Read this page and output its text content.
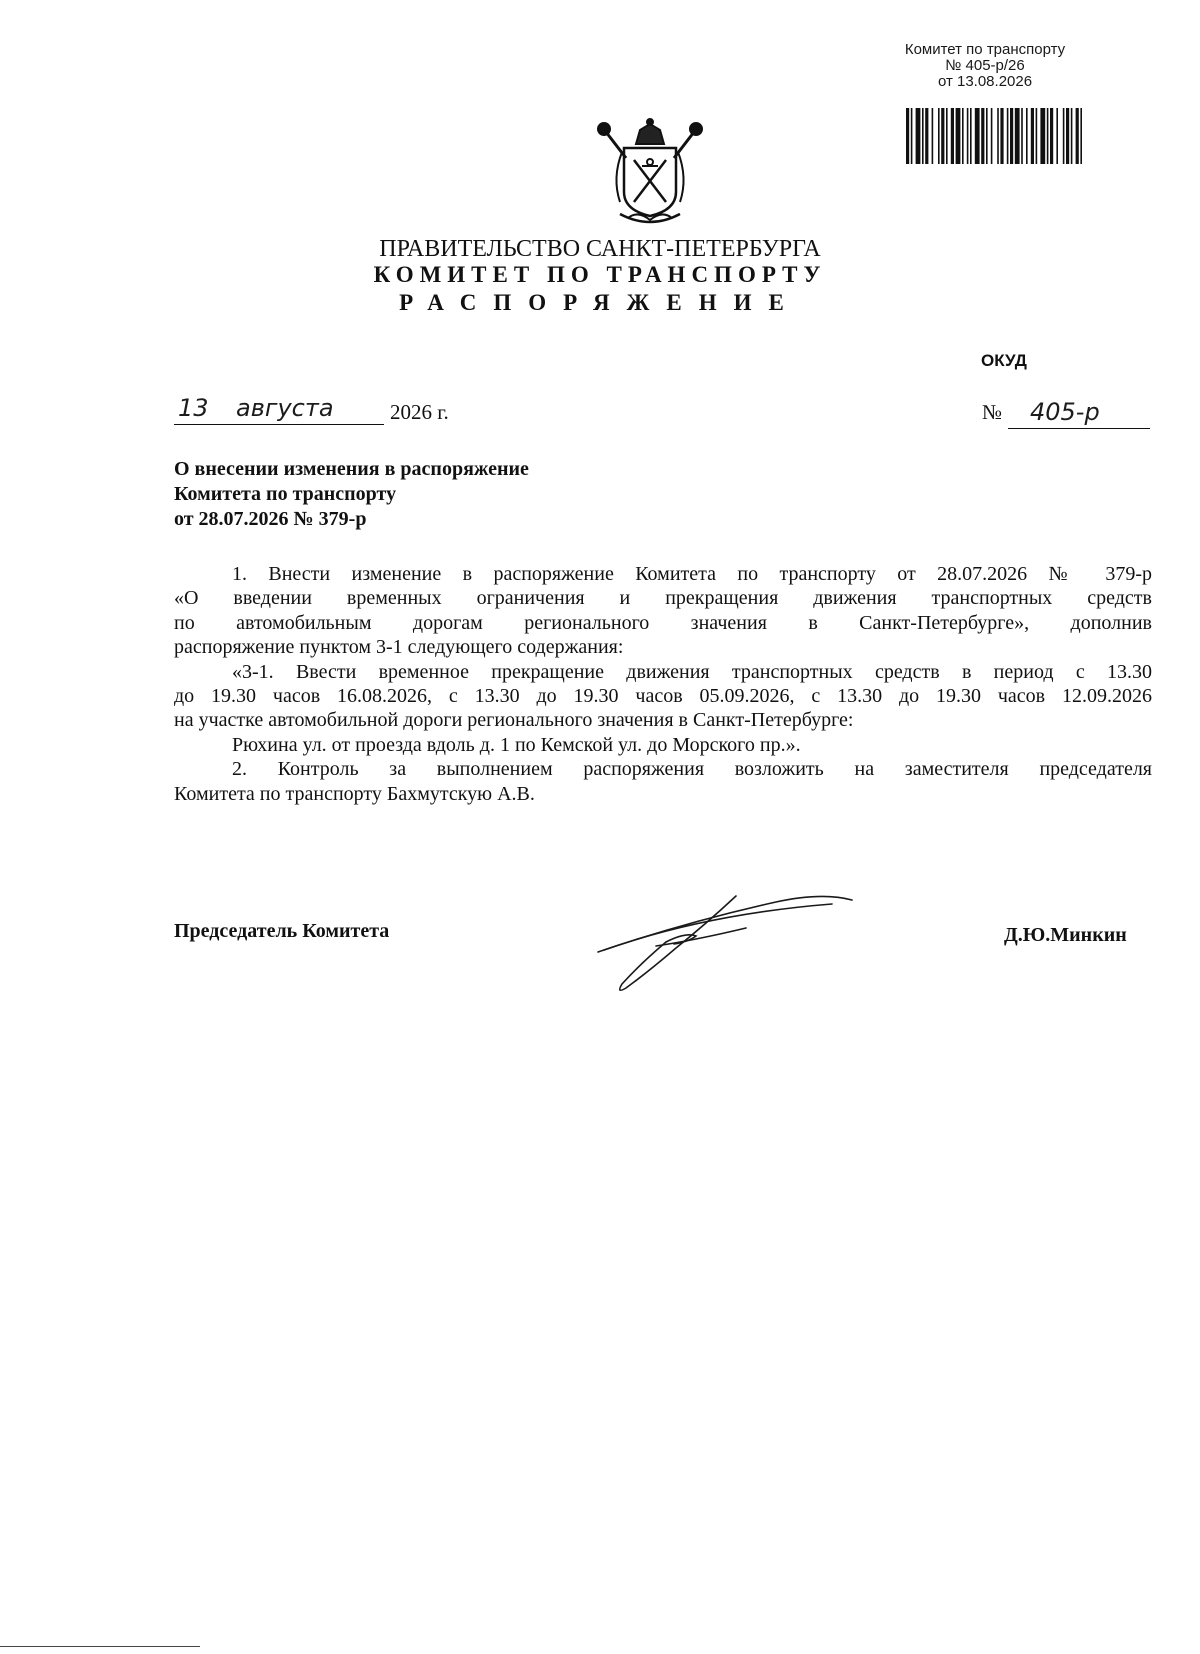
Комитет по транспорту
№ 405-р/26
от 13.08.2026
ПРАВИТЕЛЬСТВО САНКТ-ПЕТЕРБУРГА
КОМИТЕТ ПО ТРАНСПОРТУ
РАСПОРЯЖЕНИЕ
ОКУД
13 августа	2026 г.	№ 405-р
О внесении изменения в распоряжение
Комитета по транспорту
от 28.07.2026 № 379-р

1. Внести изменение в распоряжение Комитета по транспорту от 28.07.2026 № 379-р

«О введении временных ограничения и прекращения движения транспортных средств

по автомобильным дорогам регионального значения в Санкт-Петербурге», дополнив

распоряжение пунктом 3-1 следующего содержания:

«3-1. Ввести временное прекращение движения транспортных средств в период с 13.30

до 19.30 часов 16.08.2026, с 13.30 до 19.30 часов 05.09.2026, с 13.30 до 19.30 часов 12.09.2026

на участке автомобильной дороги регионального значения в Санкт-Петербурге:

Рюхина ул. от проезда вдоль д. 1 по Кемской ул. до Морского пр.».

2. Контроль за выполнением распоряжения возложить на заместителя председателя

Комитета по транспорту Бахмутскую А.В.

Председатель Комитета	Д.Ю.Минкин
